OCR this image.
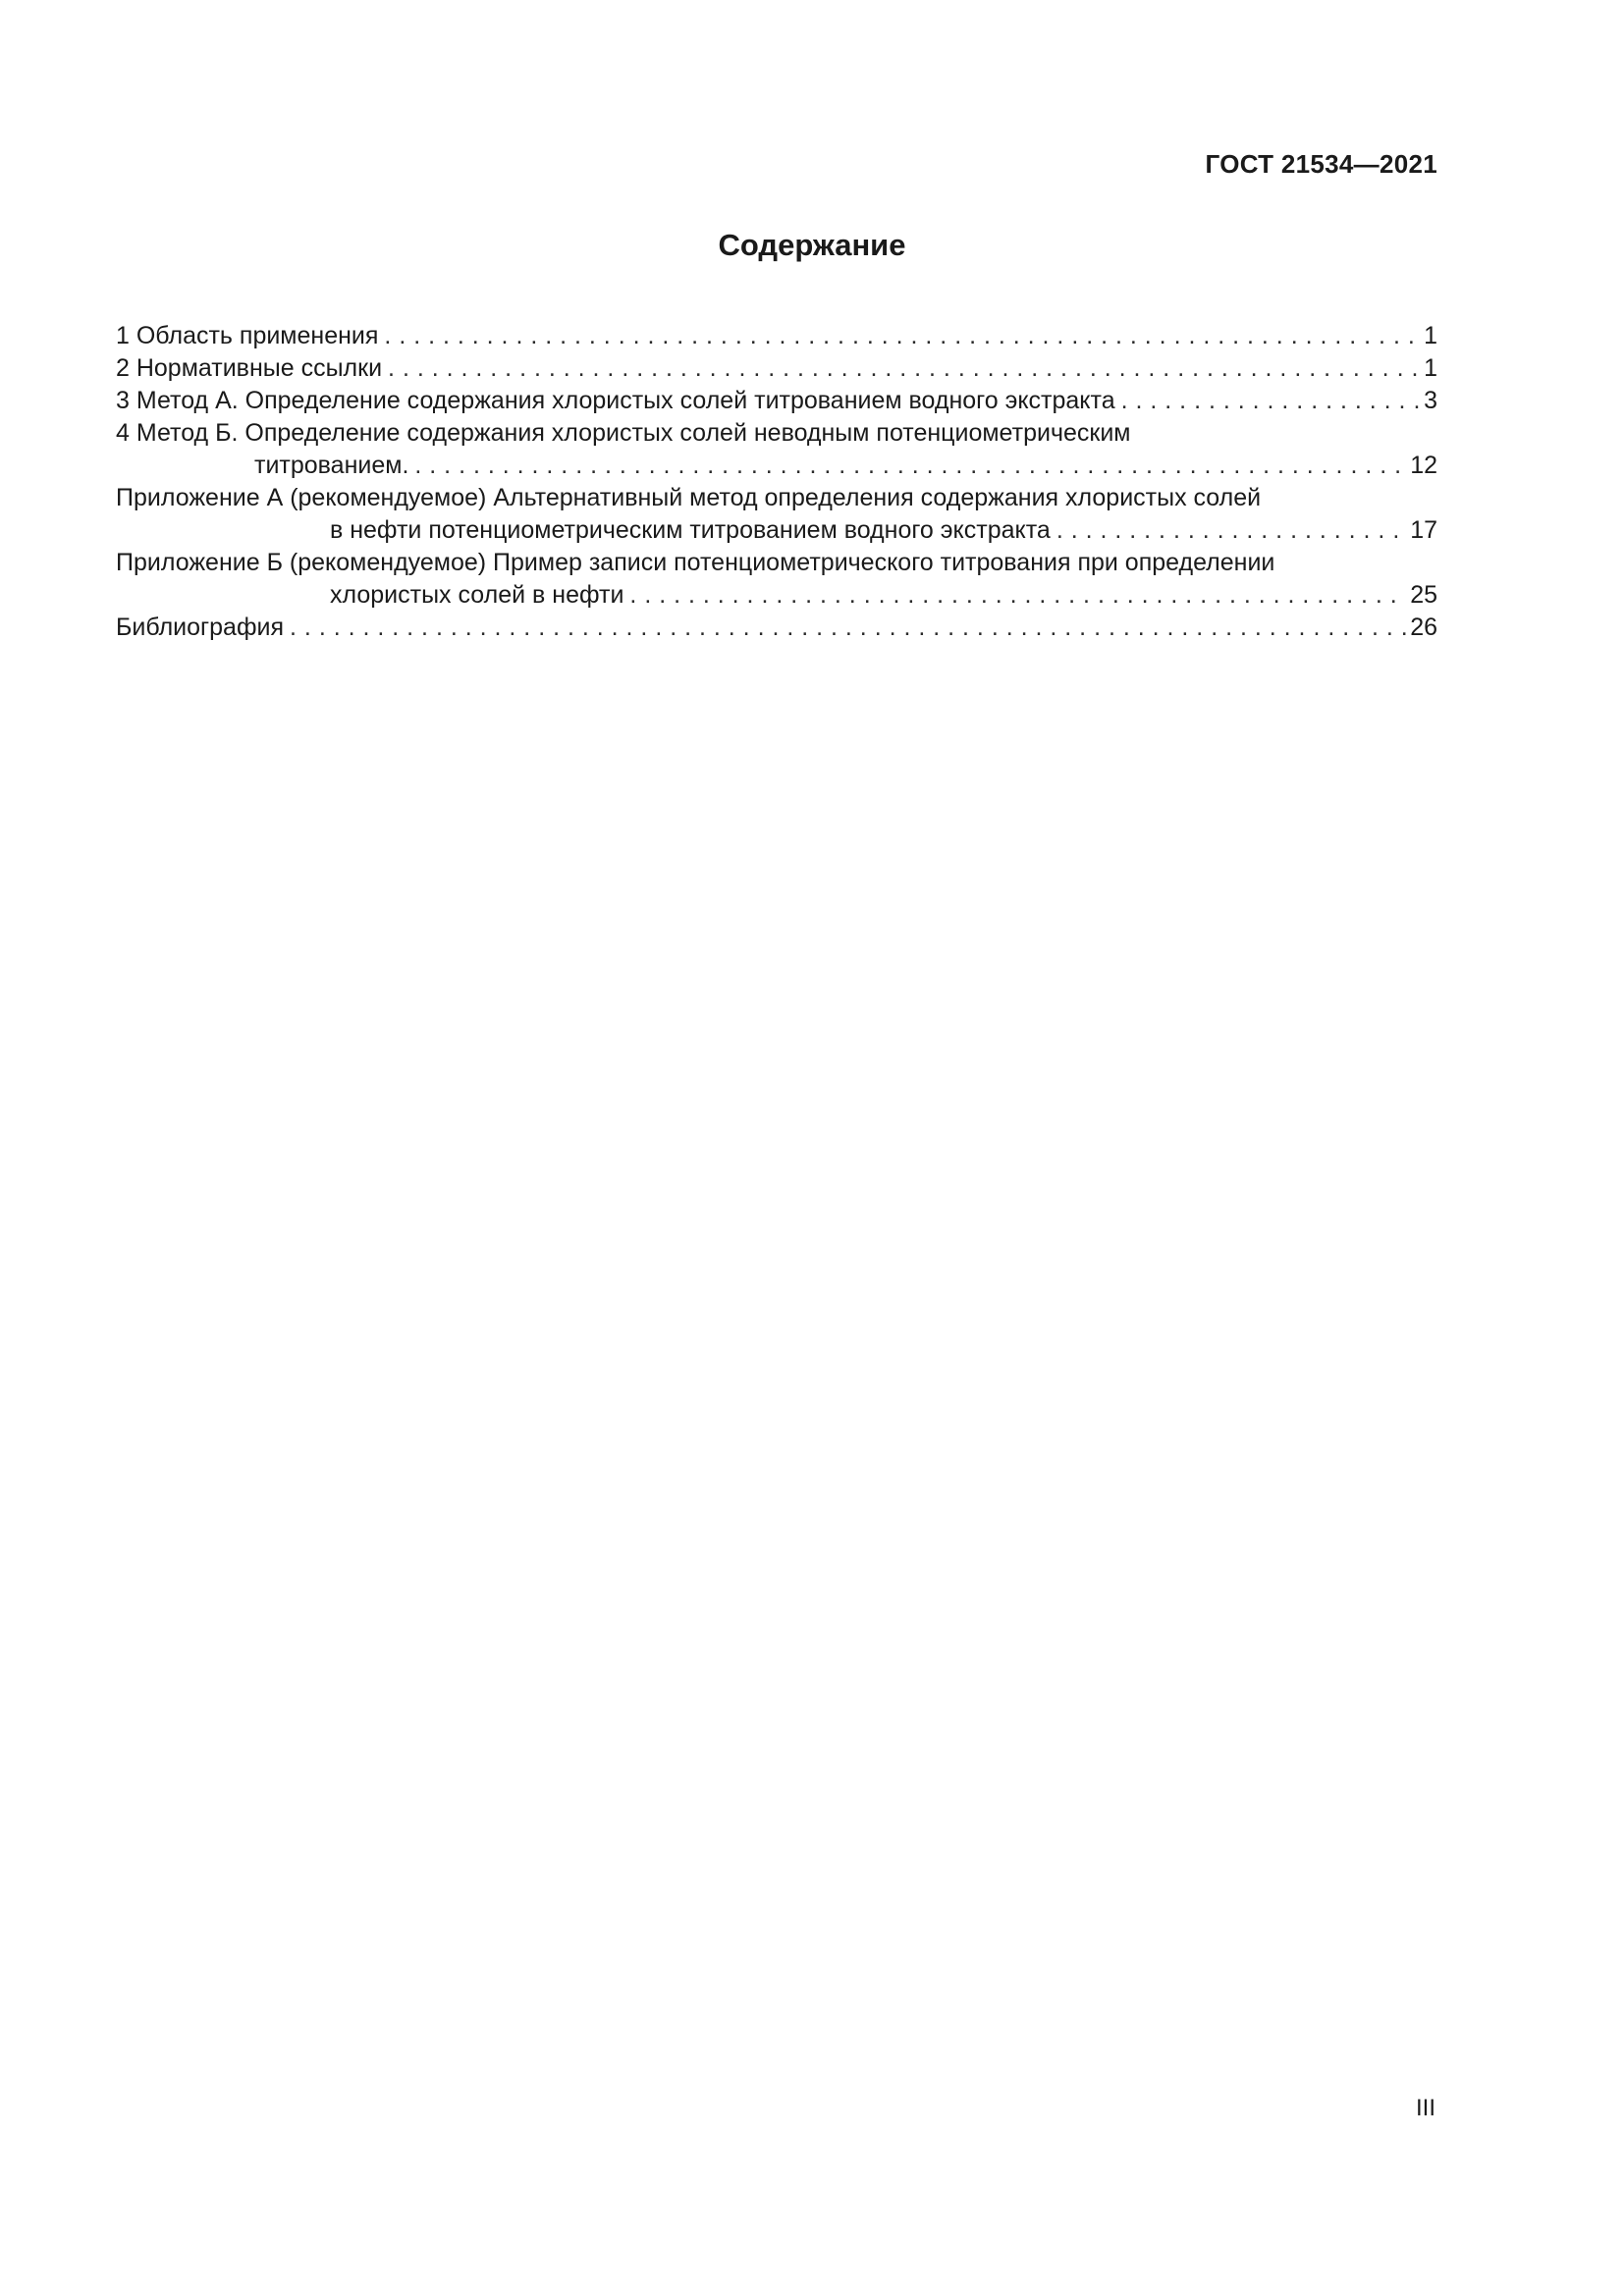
ГОСТ 21534—2021
Содержание
1 Область применения . . .	1
2 Нормативные ссылки . . .	1
3 Метод А. Определение содержания хлористых солей титрованием водного экстракта . . .	3
4 Метод Б. Определение содержания хлористых солей неводным потенциометрическим
титрованием. . . .	12
Приложение А (рекомендуемое) Альтернативный метод определения содержания хлористых солей
в нефти потенциометрическим титрованием водного экстракта . . .	17
Приложение Б (рекомендуемое) Пример записи потенциометрического титрования при определении
хлористых солей в нефти . . .	25
Библиография . . .	26
III
